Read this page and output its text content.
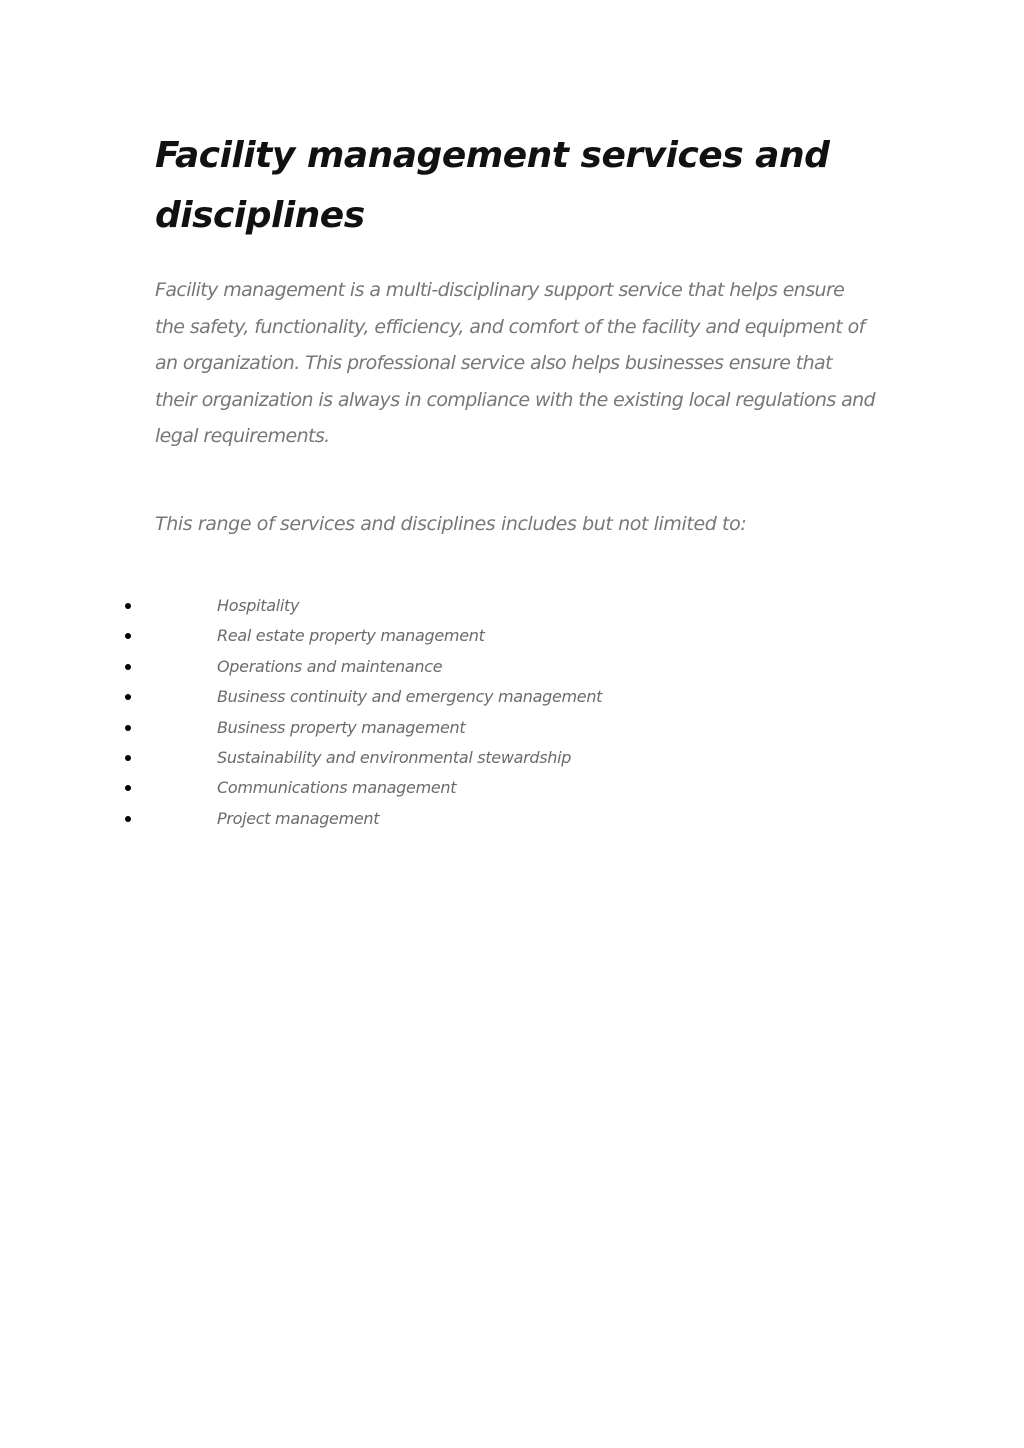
Facility management services and disciplines

Facility management is a multi-disciplinary support service that helps ensure the safety, functionality, efficiency, and comfort of the facility and equipment of an organization. This professional service also helps businesses ensure that their organization is always in compliance with the existing local regulations and legal requirements.

This range of services and disciplines includes but not limited to:

Hospitality
Real estate property management
Operations and maintenance
Business continuity and emergency management
Business property management
Sustainability and environmental stewardship
Communications management
Project management
